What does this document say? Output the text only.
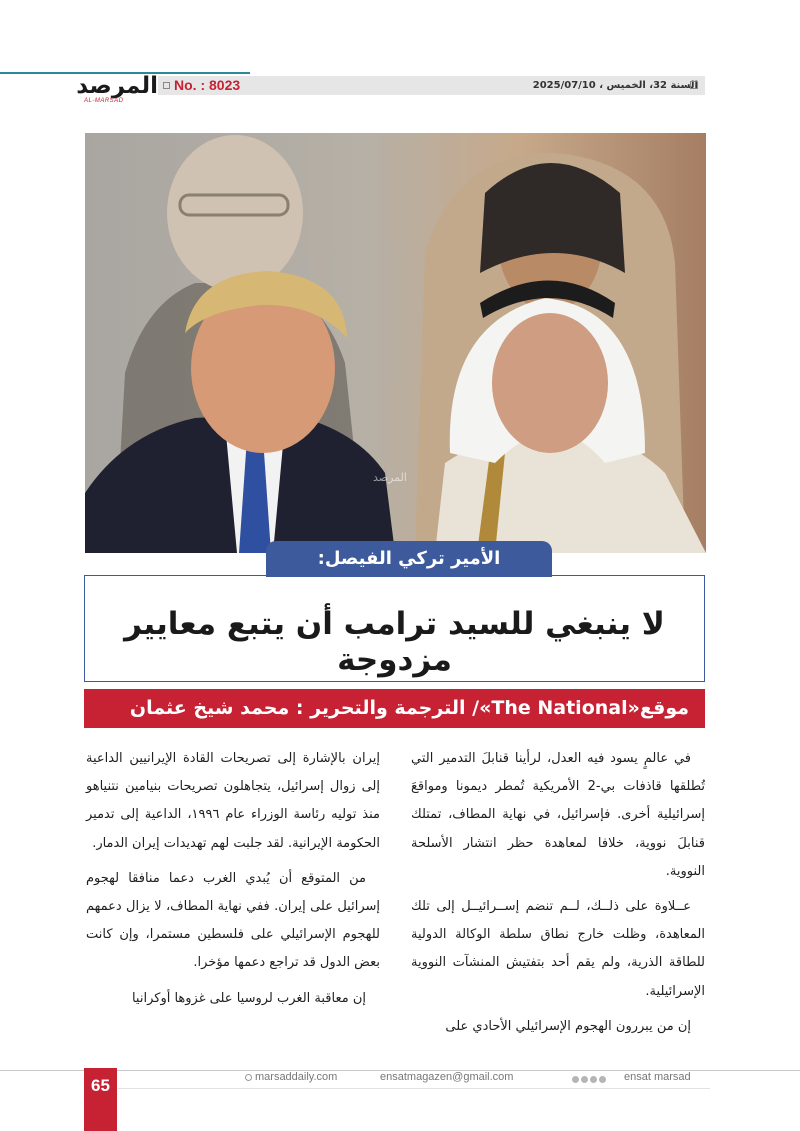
No. : 8023	السنة 32، الخميس ، 2025/07/10
المرصد
AL-MARSAD
المرصد
لا ينبغي للسيد ترامب أن يتبع معايير مزدوجة
الأمير تركي الفيصل:
موقع«The National»/ الترجمة والتحرير : محمد شيخ عثمان

في عالمٍ يسود فيه العدل، لرأينا قنابلَ التدمير التي تُطلقها قاذفات بي-2 الأمريكية تُمطر ديمونا ومواقعَ إسرائيلية أخرى. فإسرائيل، في نهاية المطاف، تمتلك قنابلَ نووية، خلافا لمعاهدة حظر انتشار الأسلحة النووية.

عــلاوة على ذلــك، لــم تنضم إســرائيــل إلى تلك المعاهدة، وظلت خارج نطاق سلطة الوكالة الدولية للطاقة الذرية، ولم يقم أحد بتفتيش المنشآت النووية الإسرائيلية.

إن من يبررون الهجوم الإسرائيلي الأحادي على

إيران بالإشارة إلى تصريحات القادة الإيرانيين الداعية إلى زوال إسرائيل، يتجاهلون تصريحات بنيامين نتنياهو منذ توليه رئاسة الوزراء عام ١٩٩٦، الداعية إلى تدمير الحكومة الإيرانية. لقد جلبت لهم تهديدات إيران الدمار.

من المتوقع أن يُبدي الغرب دعما منافقا لهجوم إسرائيل على إيران. ففي نهاية المطاف، لا يزال دعمهم للهجوم الإسرائيلي على فلسطين مستمرا، وإن كانت بعض الدول قد تراجع دعمها مؤخرا.

إن معاقبة الغرب لروسيا على غزوها أوكرانيا

65	marsaddaily.com	ensatmagazen@gmail.com	ensat marsad
